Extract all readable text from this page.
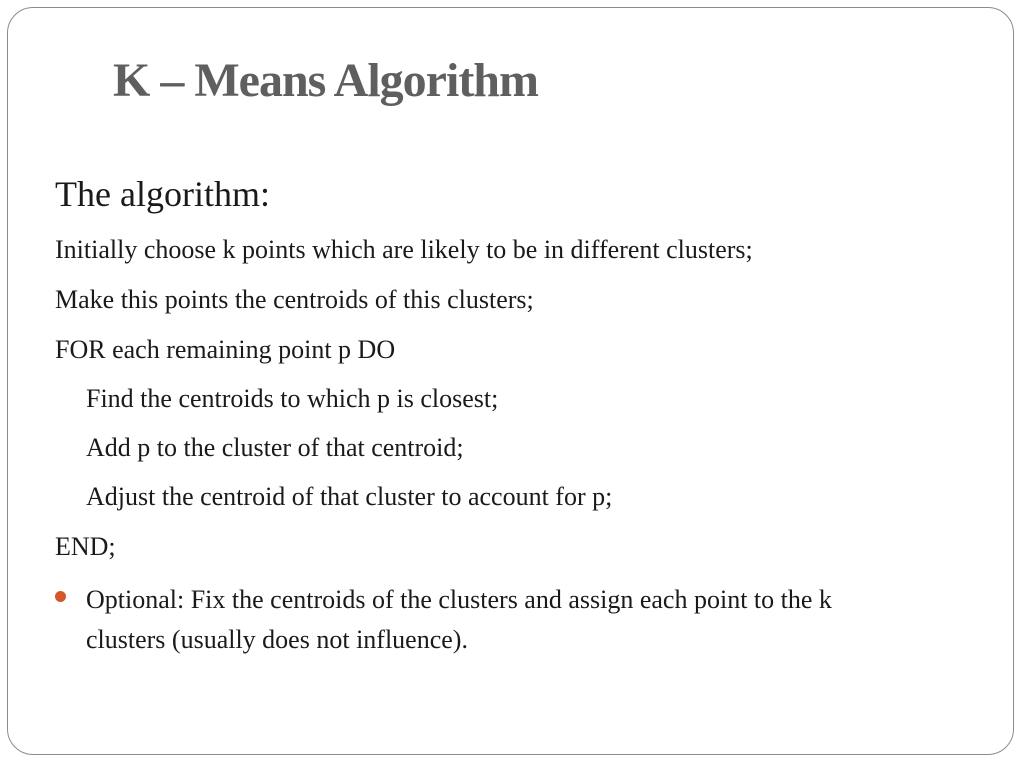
K – Means Algorithm

The algorithm:

Initially choose k points which are likely to be in different clusters;

Make this points the centroids of this clusters;

FOR each remaining point p DO

Find the centroids to which p is closest;

Add p to the cluster of that centroid;

Adjust the centroid of that cluster to account for p;

END;

Optional: Fix the centroids of the clusters and assign each point to the k
clusters (usually does not influence).
